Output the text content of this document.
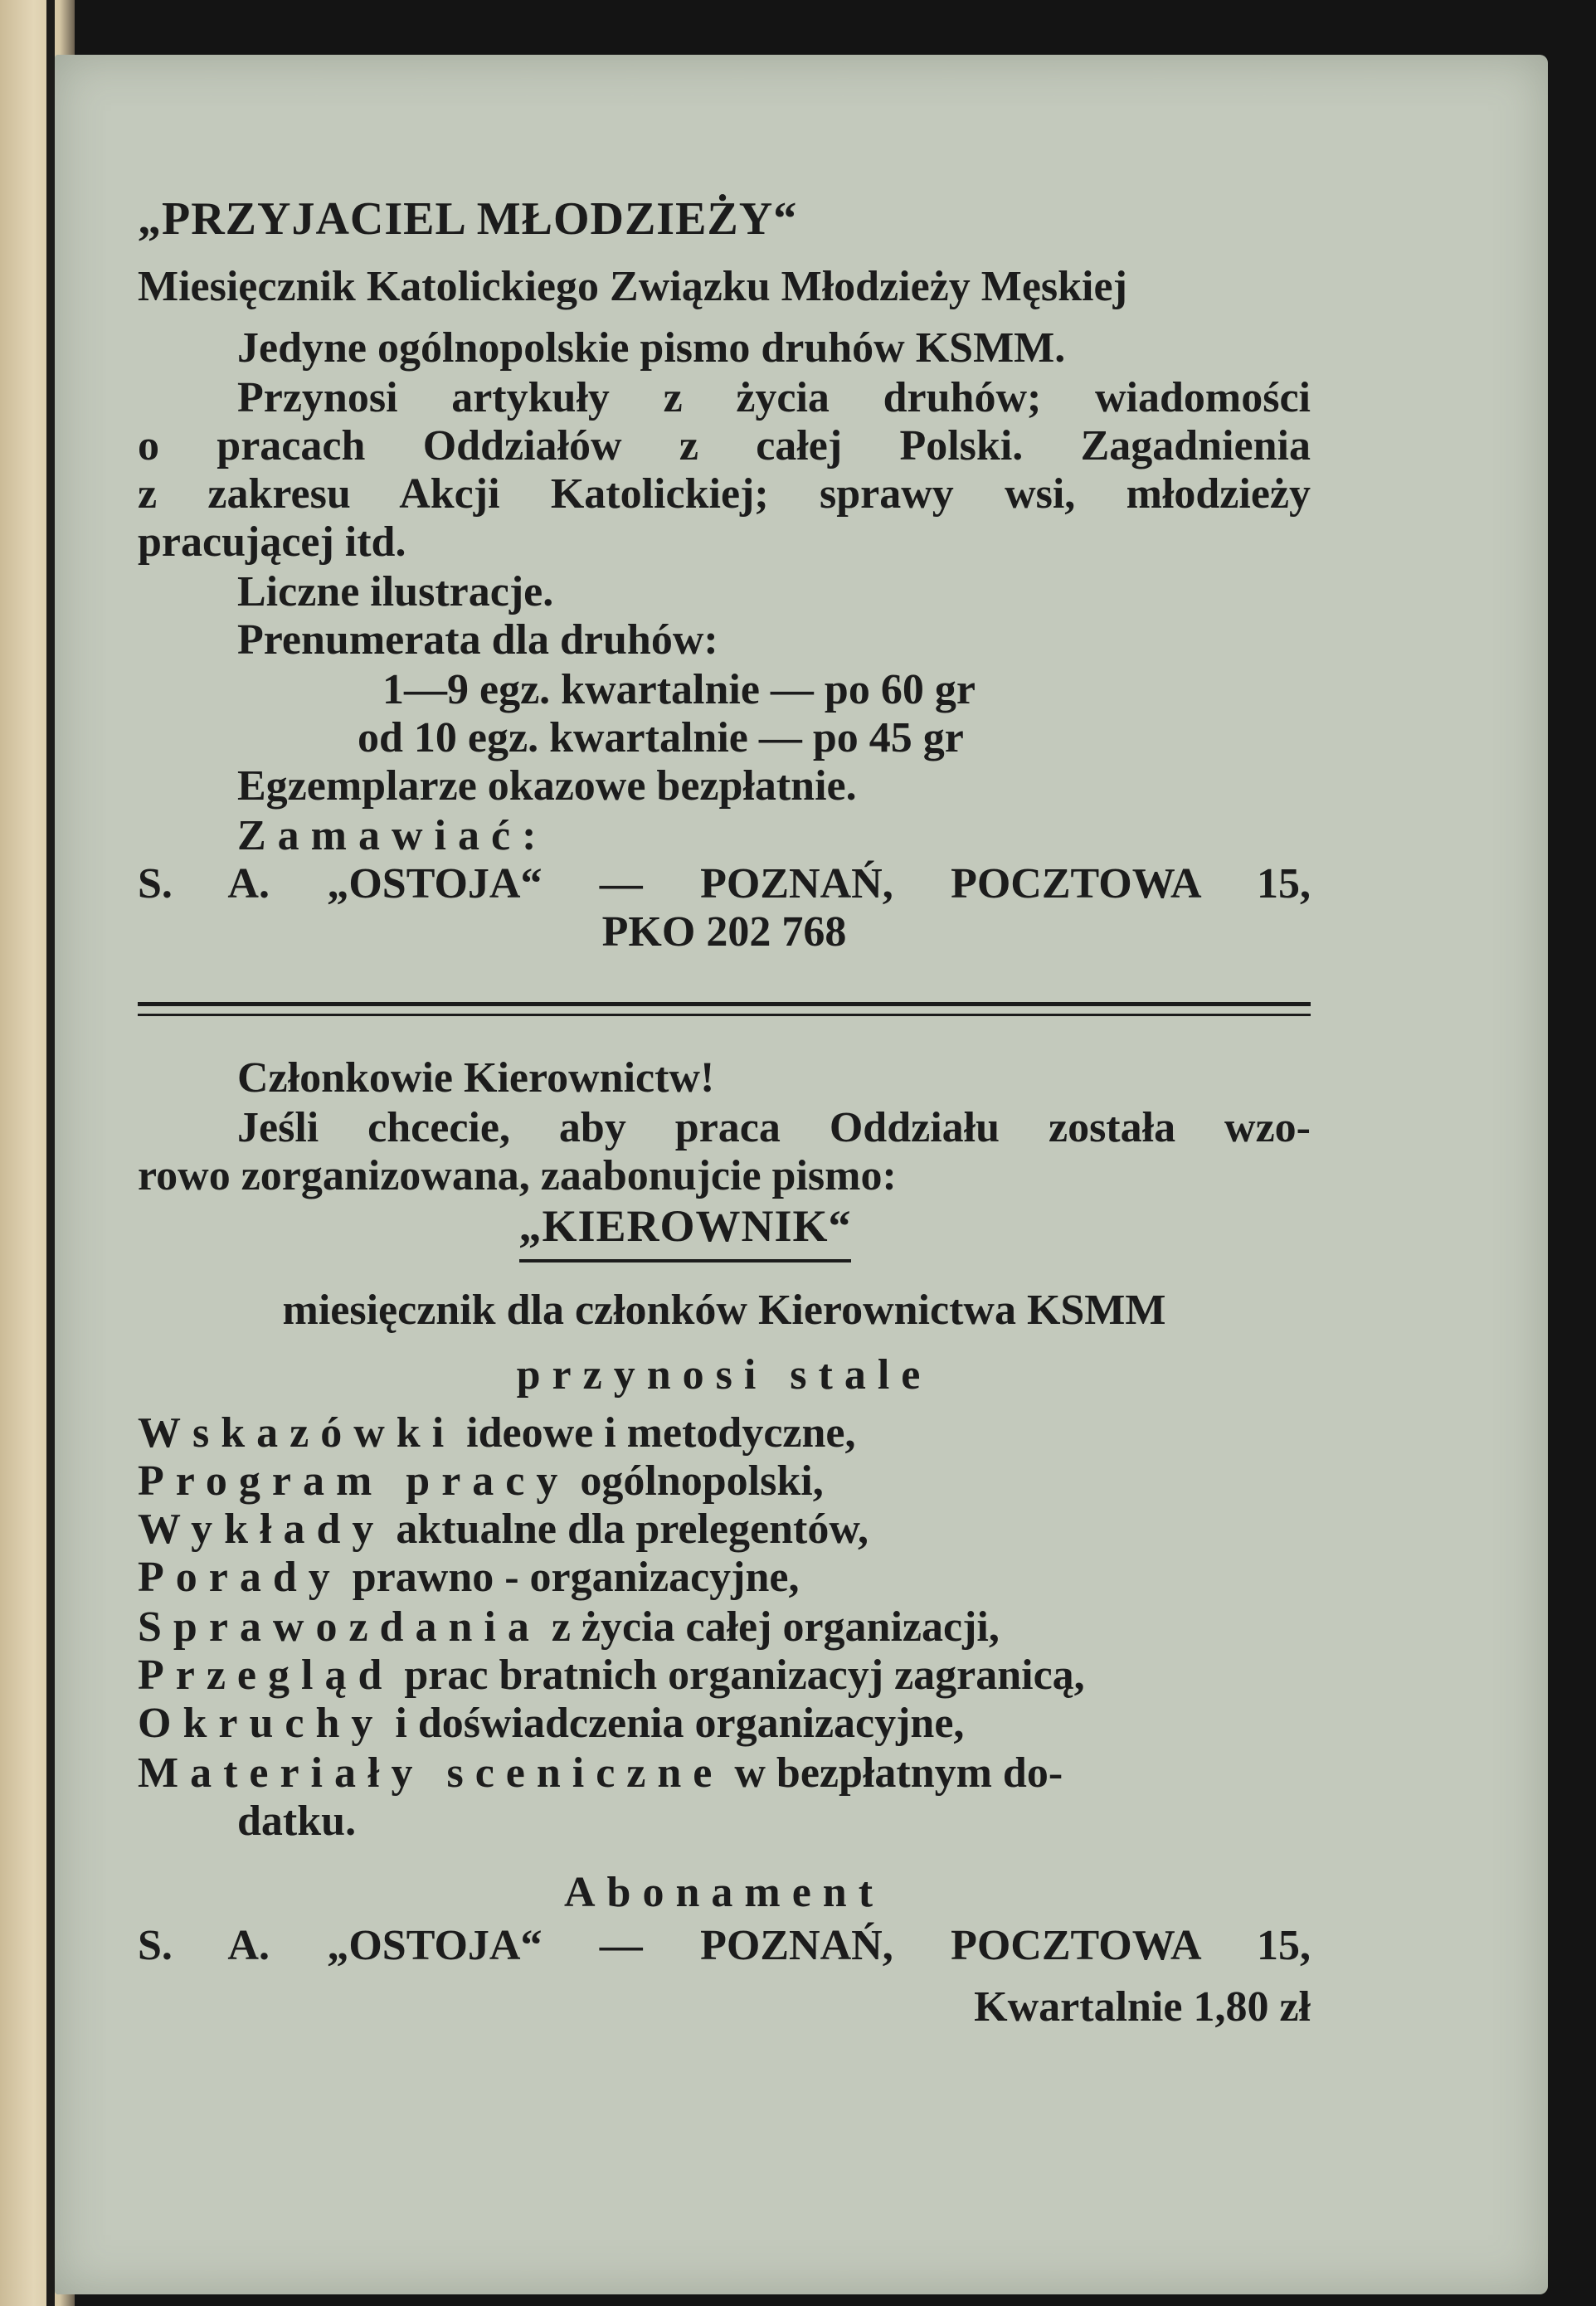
„PRZYJACIEL MŁODZIEŻY“
Miesięcznik Katolickiego Związku Młodzieży Męskiej
Jedyne ogólnopolskie pismo druhów KSMM.
Przynosi artykuły z życia druhów; wiadomości
o pracach Oddziałów z całej Polski. Zagadnienia
z zakresu Akcji Katolickiej; sprawy wsi, młodzieży
pracującej itd.
Liczne ilustracje.
Prenumerata dla druhów:
1—9 egz. kwartalnie — po 60 gr
od 10 egz. kwartalnie — po 45 gr
Egzemplarze okazowe bezpłatnie.
Zamawiać:
S. A. „OSTOJA“ — POZNAŃ, POCZTOWA 15,
PKO 202 768
Członkowie Kierownictw!
Jeśli chcecie, aby praca Oddziału została wzo-
rowo zorganizowana, zaabonujcie pismo:
„KIEROWNIK“
miesięcznik dla członków Kierownictwa KSMM
przynosi stale
Wskazówki ideowe i metodyczne,
Program pracy ogólnopolski,
Wykłady aktualne dla prelegentów,
Porady prawno - organizacyjne,
Sprawozdania z życia całej organizacji,
Przegląd prac bratnich organizacyj zagranicą,
Okruchy i doświadczenia organizacyjne,
Materiały sceniczne w bezpłatnym do-
datku.
Abonament
S. A. „OSTOJA“ — POZNAŃ, POCZTOWA 15,
Kwartalnie 1,80 zł
